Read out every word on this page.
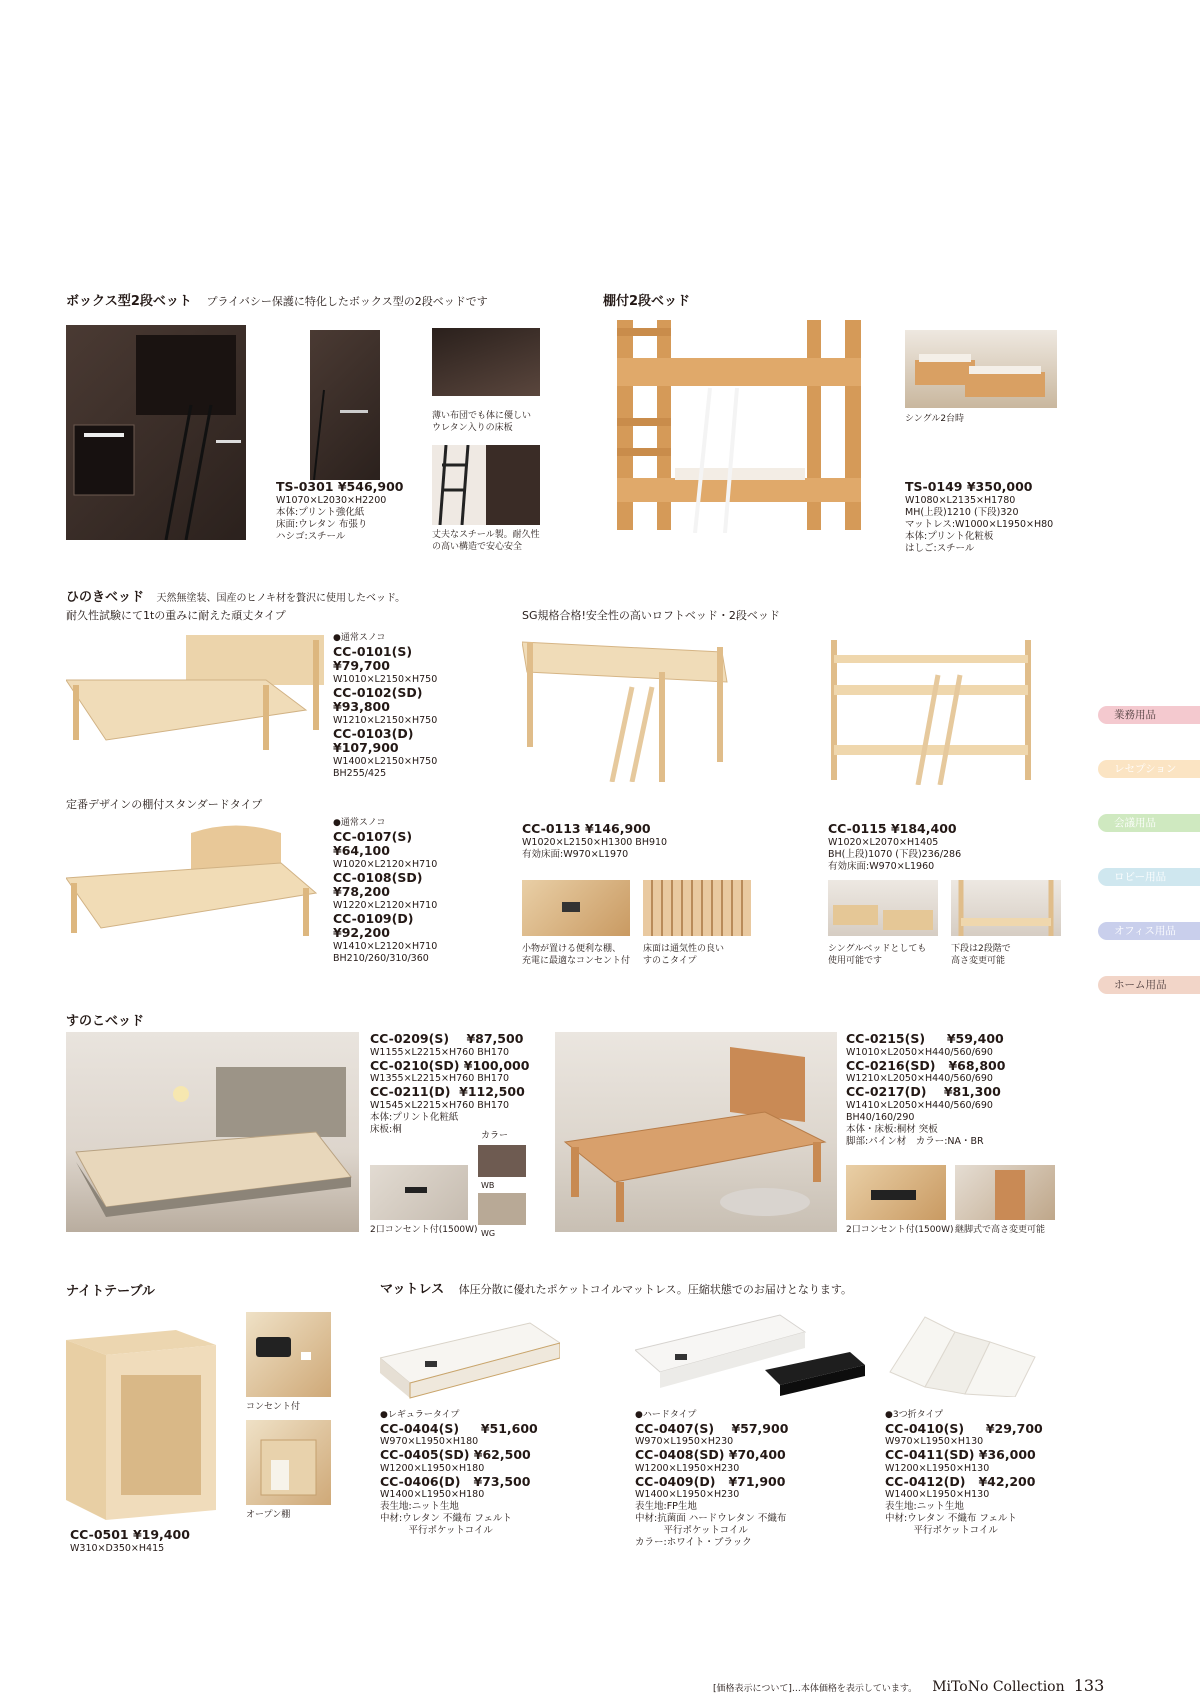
ボックス型2段ベット プライバシー保護に特化したボックス型の2段ベッドです
薄い布団でも体に優しい
ウレタン入りの床板
丈夫なスチール製。耐久性
の高い構造で安心安全
TS-0301 ¥546,900
W1070×L2030×H2200
本体:プリント強化紙
床面:ウレタン 布張り
ハシゴ:スチール
棚付2段ベッド
シングル2台時
TS-0149 ¥350,000
W1080×L2135×H1780
MH(上段)1210 (下段)320
マットレス:W1000×L1950×H80
本体:プリント化粧板
はしご:スチール
ひのきベッド 天然無塗装、国産のヒノキ材を贅沢に使用したベッド。
耐久性試験にて1tの重みに耐えた頑丈タイプ
●通常スノコ
CC-0101(S)
¥79,700
W1010×L2150×H750
CC-0102(SD)
¥93,800
W1210×L2150×H750
CC-0103(D)
¥107,900
W1400×L2150×H750
BH255/425
定番デザインの棚付スタンダードタイプ
●通常スノコ
CC-0107(S)
¥64,100
W1020×L2120×H710
CC-0108(SD)
¥78,200
W1220×L2120×H710
CC-0109(D)
¥92,200
W1410×L2120×H710
BH210/260/310/360
SG規格合格!安全性の高いロフトベッド・2段ベッド
CC-0113 ¥146,900
W1020×L2150×H1300 BH910
有効床面:W970×L1970
CC-0115 ¥184,400
W1020×L2070×H1405
BH(上段)1070 (下段)236/286
有効床面:W970×L1960
小物が置ける便利な棚、
充電に最適なコンセント付
床面は通気性の良い
すのこタイプ
シングルベッドとしても
使用可能です
下段は2段階で
高さ変更可能
すのこベッド
CC-0209(S) ¥87,500
W1155×L2215×H760 BH170
CC-0210(SD) ¥100,000
W1355×L2215×H760 BH170
CC-0211(D) ¥112,500
W1545×L2215×H760 BH170
本体:プリント化粧紙
床板:桐
カラー
2口コンセント付(1500W)
WB
WG
CC-0215(S) ¥59,400
W1010×L2050×H440/560/690
CC-0216(SD) ¥68,800
W1210×L2050×H440/560/690
CC-0217(D) ¥81,300
W1410×L2050×H440/560/690
BH40/160/290
本体・床板:桐材 突板
脚部:パイン材　カラー:NA・BR
2口コンセント付(1500W) 継脚式で高さ変更可能
ナイトテーブル
CC-0501 ¥19,400
W310×D350×H415
コンセント付
オープン棚
マットレス 体圧分散に優れたポケットコイルマットレス。圧縮状態でのお届けとなります。
●レギュラータイプ
CC-0404(S) ¥51,600
W970×L1950×H180
CC-0405(SD) ¥62,500
W1200×L1950×H180
CC-0406(D) ¥73,500
W1400×L1950×H180
表生地:ニット生地
中材:ウレタン 不織布 フェルト
　　　平行ポケットコイル
●ハードタイプ
CC-0407(S) ¥57,900
W970×L1950×H230
CC-0408(SD) ¥70,400
W1200×L1950×H230
CC-0409(D) ¥71,900
W1400×L1950×H230
表生地:FP生地
中材:抗菌面 ハードウレタン 不織布
　　　平行ポケットコイル
カラー:ホワイト・ブラック
●3つ折タイプ
CC-0410(S) ¥29,700
W970×L1950×H130
CC-0411(SD) ¥36,000
W1200×L1950×H130
CC-0412(D) ¥42,200
W1400×L1950×H130
表生地:ニット生地
中材:ウレタン 不織布 フェルト
　　　平行ポケットコイル
業務用品
レセプション
会議用品
ロビー用品
オフィス用品
ホーム用品
[価格表示について]…本体価格を表示しています。 MiToNo Collection 133
